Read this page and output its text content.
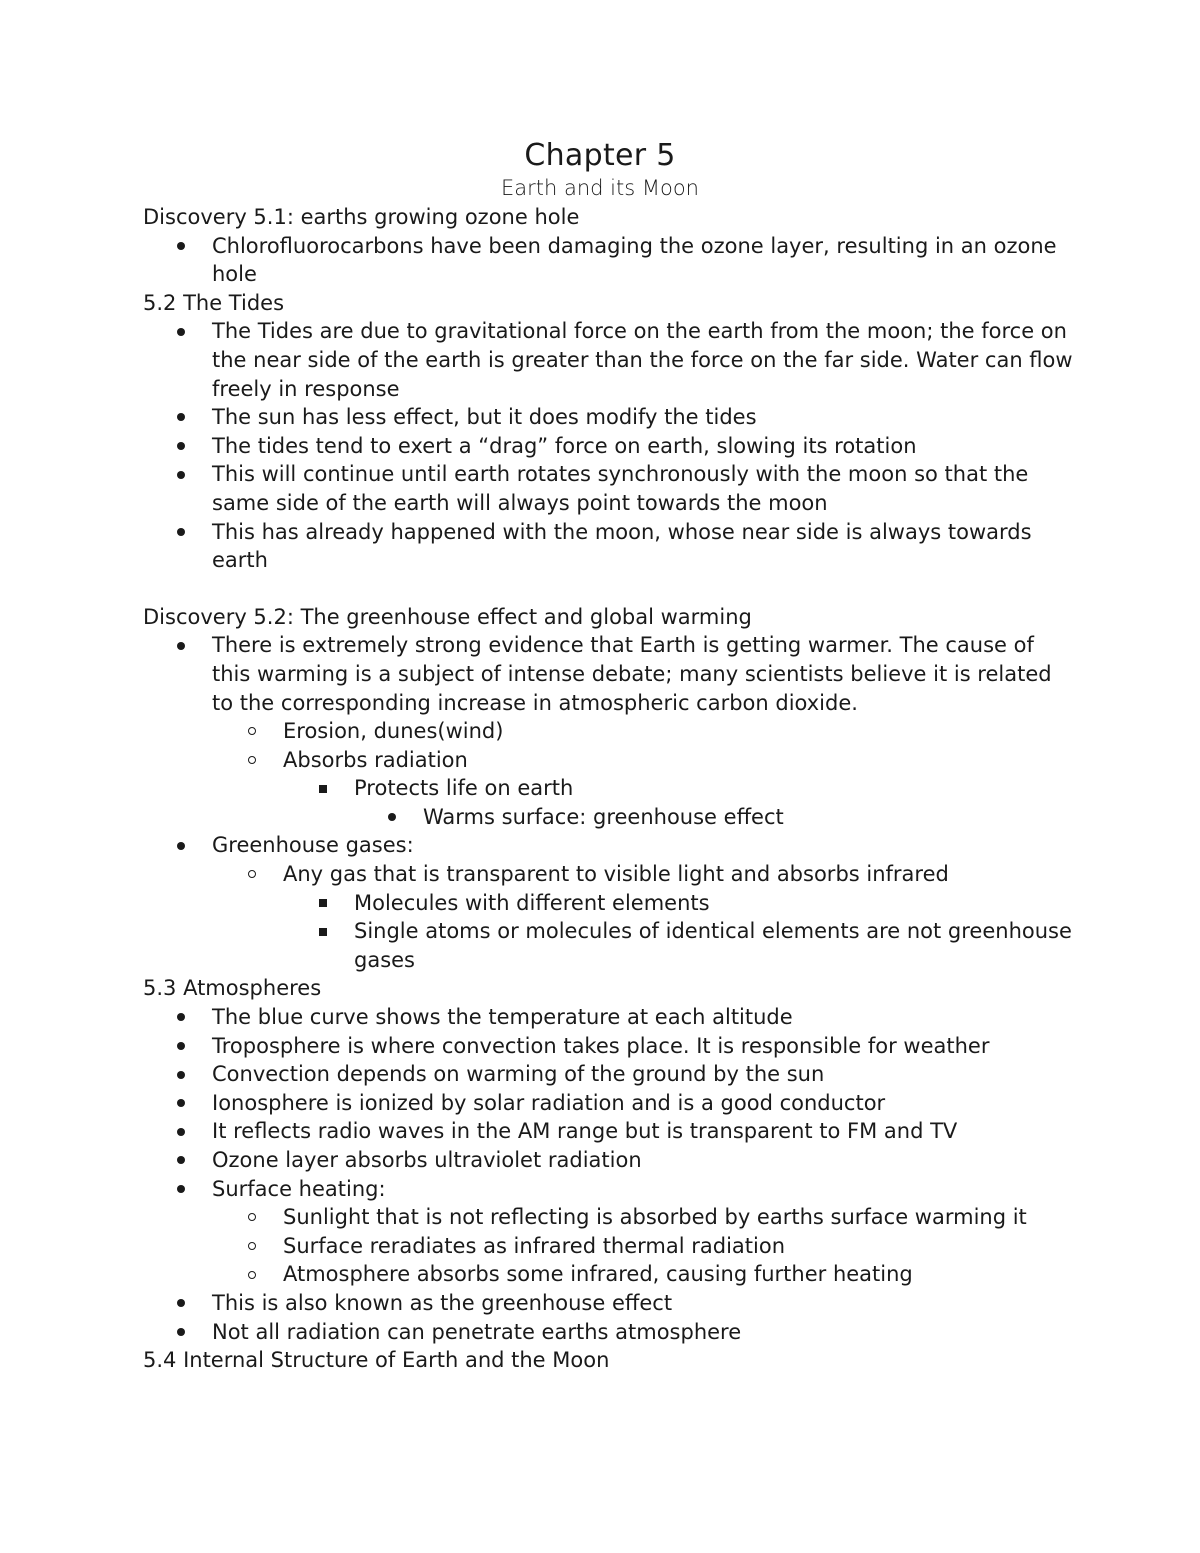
Chapter 5
Earth and its Moon
Discovery 5.1: earths growing ozone hole
Chlorofluorocarbons have been damaging the ozone layer, resulting in an ozone hole
5.2 The Tides
The Tides are due to gravitational force on the earth from the moon; the force on the near side of the earth is greater than the force on the far side. Water can flow freely in response
The sun has less effect, but it does modify the tides
The tides tend to exert a “drag” force on earth, slowing its rotation
This will continue until earth rotates synchronously with the moon so that the same side of the earth will always point towards the moon
This has already happened with the moon, whose near side is always towards earth
Discovery 5.2: The greenhouse effect and global warming
There is extremely strong evidence that Earth is getting warmer. The cause of this warming is a subject of intense debate; many scientists believe it is related to the corresponding increase in atmospheric carbon dioxide.
Erosion, dunes(wind)
Absorbs radiation
Protects life on earth
Warms surface: greenhouse effect
Greenhouse gases:
Any gas that is transparent to visible light and absorbs infrared
Molecules with different elements
Single atoms or molecules of identical elements are not greenhouse gases
5.3 Atmospheres
The blue curve shows the temperature at each altitude
Troposphere is where convection takes place. It is responsible for weather
Convection depends on warming of the ground by the sun
Ionosphere is ionized by solar radiation and is a good conductor
It reflects radio waves in the AM range but is transparent to FM and TV
Ozone layer absorbs ultraviolet radiation
Surface heating:
Sunlight that is not reflecting is absorbed by earths surface warming it
Surface reradiates as infrared thermal radiation
Atmosphere absorbs some infrared, causing further heating
This is also known as the greenhouse effect
Not all radiation can penetrate earths atmosphere
5.4 Internal Structure of Earth and the Moon
